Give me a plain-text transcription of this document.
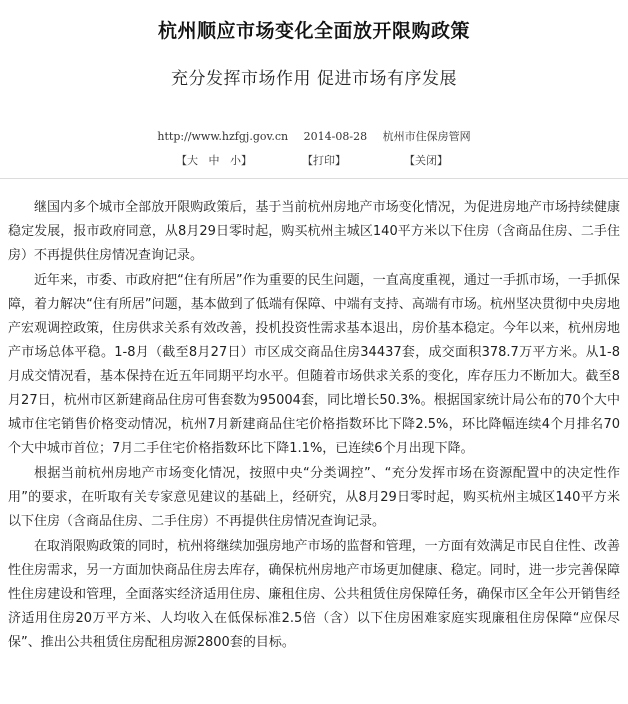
杭州顺应市场变化全面放开限购政策
充分发挥市场作用 促进市场有序发展
http://www.hzfgj.gov.cn 2014-08-28 杭州市住保房管网
【大 中 小】	【打印】	【关闭】

继国内多个城市全部放开限购政策后，基于当前杭州房地产市场变化情况，为促进房地产市场持续健康稳定发展，报市政府同意，从8月29日零时起，购买杭州主城区140平方米以下住房（含商品住房、二手住房）不再提供住房情况查询记录。

近年来，市委、市政府把“住有所居”作为重要的民生问题，一直高度重视，通过一手抓市场，一手抓保障，着力解决“住有所居”问题，基本做到了低端有保障、中端有支持、高端有市场。杭州坚决贯彻中央房地产宏观调控政策，住房供求关系有效改善，投机投资性需求基本退出，房价基本稳定。今年以来，杭州房地产市场总体平稳。1-8月（截至8月27日）市区成交商品住房34437套，成交面积378.7万平方米。从1-8月成交情况看，基本保持在近五年同期平均水平。但随着市场供求关系的变化，库存压力不断加大。截至8月27日，杭州市区新建商品住房可售套数为95004套，同比增长50.3%。根据国家统计局公布的70个大中城市住宅销售价格变动情况，杭州7月新建商品住宅价格指数环比下降2.5%，环比降幅连续4个月排名70个大中城市首位；7月二手住宅价格指数环比下降1.1%，已连续6个月出现下降。

根据当前杭州房地产市场变化情况，按照中央“分类调控”、“充分发挥市场在资源配置中的决定性作用”的要求，在听取有关专家意见建议的基础上，经研究，从8月29日零时起，购买杭州主城区140平方米以下住房（含商品住房、二手住房）不再提供住房情况查询记录。

在取消限购政策的同时，杭州将继续加强房地产市场的监督和管理，一方面有效满足市民自住性、改善性住房需求，另一方面加快商品住房去库存，确保杭州房地产市场更加健康、稳定。同时，进一步完善保障性住房建设和管理，全面落实经济适用住房、廉租住房、公共租赁住房保障任务，确保市区全年公开销售经济适用住房20万平方米、人均收入在低保标准2.5倍（含）以下住房困难家庭实现廉租住房保障“应保尽保”、推出公共租赁住房配租房源2800套的目标。
